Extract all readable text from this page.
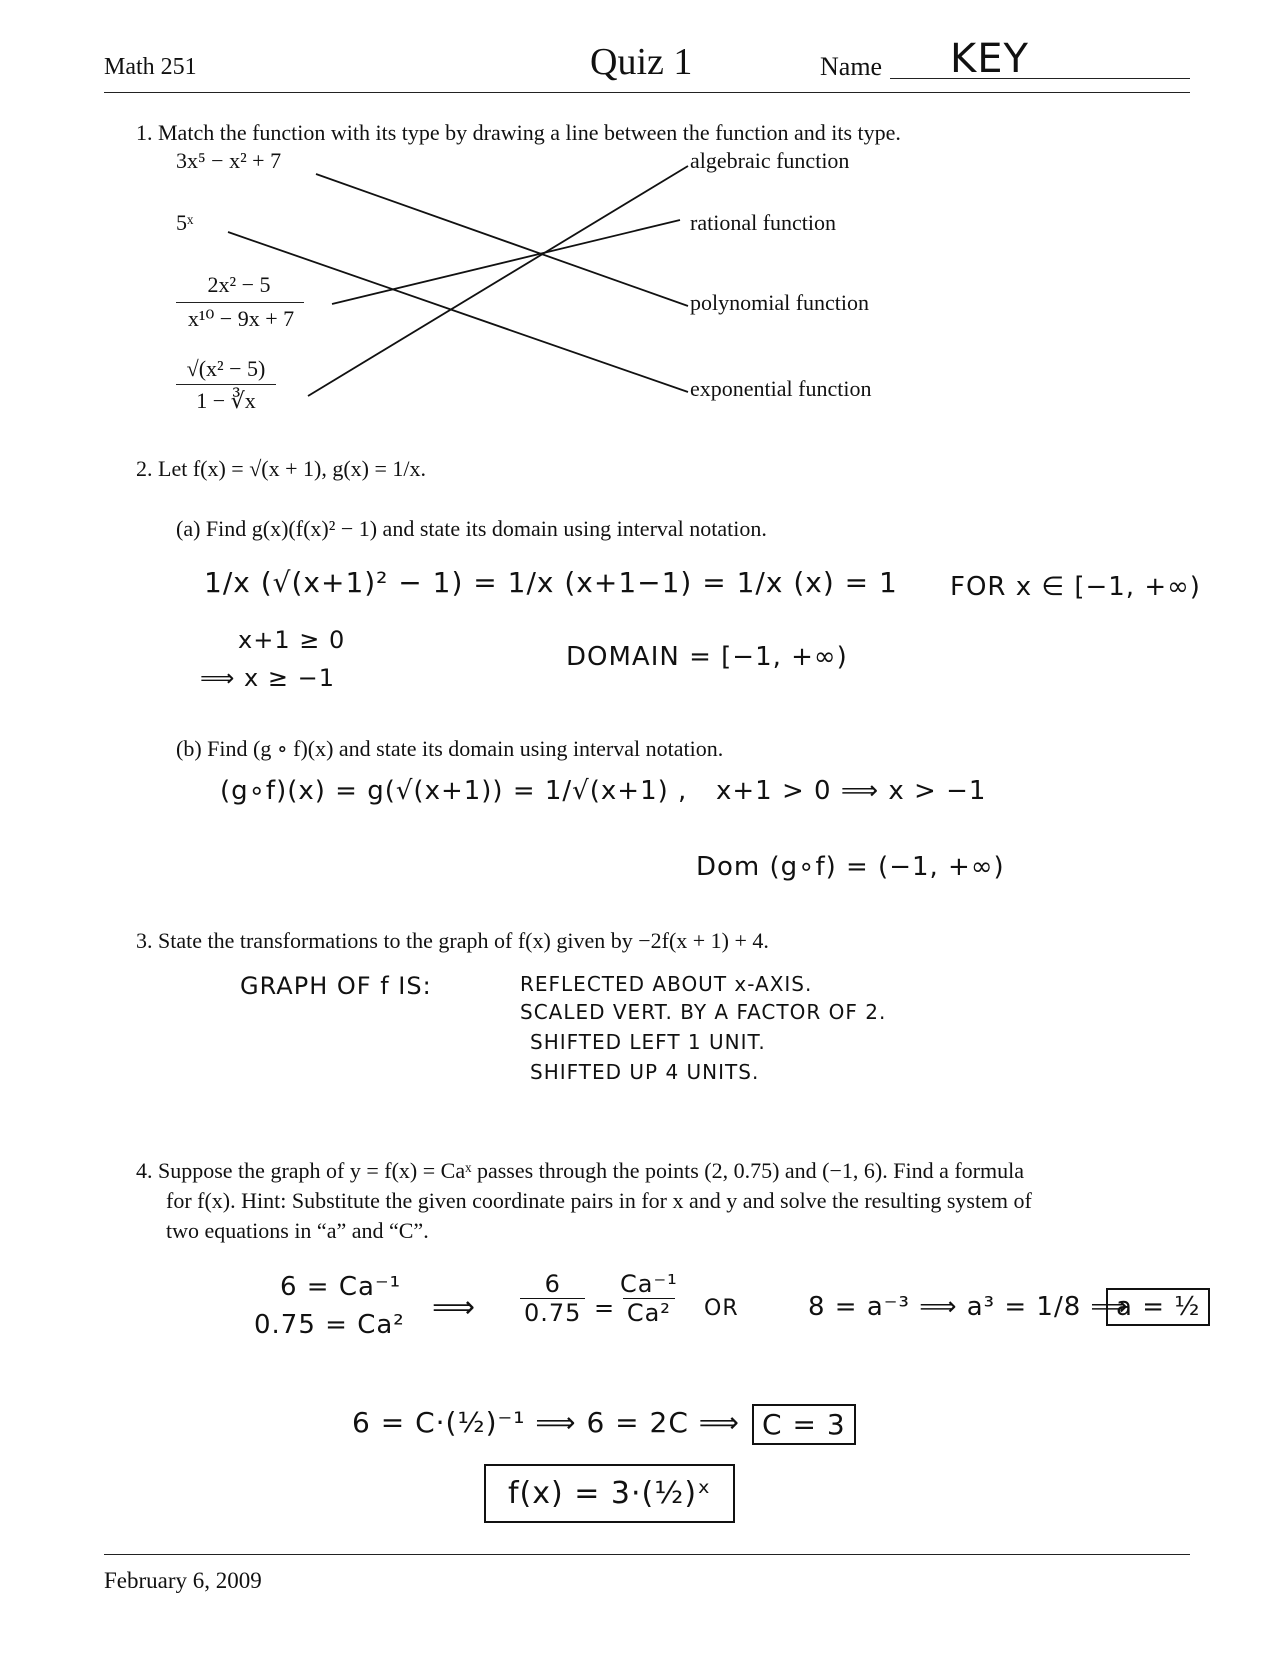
Math 251	Quiz 1	Name KEY
1. Match the function with its type by drawing a line between the function and its type.
3x⁵ − x² + 7
5ˣ
2x² − 5
x¹⁰ − 9x + 7
√(x² − 5)
1 − ∛x
algebraic function
rational function
polynomial function
exponential function
2. Let f(x) = √(x + 1), g(x) = 1/x.
(a) Find g(x)(f(x)² − 1) and state its domain using interval notation.
1/x (√(x+1)² − 1) = 1/x (x+1−1) = 1/x (x) = 1 FOR x ∈ [−1, +∞)
x+1 ≥ 0
⟹ x ≥ −1
DOMAIN = [−1, +∞)
(b) Find (g ∘ f)(x) and state its domain using interval notation.
(g∘f)(x) = g(√(x+1)) = 1/√(x+1) , x+1 > 0 ⟹ x > −1
Dom (g∘f) = (−1, +∞)
3. State the transformations to the graph of f(x) given by −2f(x + 1) + 4.
GRAPH OF f IS:	REFLECTED ABOUT x-AXIS.
SCALED VERT. BY A FACTOR OF 2.
SHIFTED LEFT 1 UNIT.
SHIFTED UP 4 UNITS.
4. Suppose the graph of y = f(x) = Caˣ passes through the points (2, 0.75) and (−1, 6). Find a formula
for f(x). Hint: Substitute the given coordinate pairs in for x and y and solve the resulting system of
two equations in “a” and “C”.
6 = Ca⁻¹
0.75 = Ca² ⟹ $\frac{6}{0.75} = \frac{\text{Ca⁻¹}}{\text{Ca²}}$ OR	8 = a⁻³ ⟹ a³ = 1/8 ⟹
a = ½
6 = C·(½)⁻¹ ⟹ 6 = 2C ⟹ C = 3
f(x) = 3·(½)ˣ
February 6, 2009
